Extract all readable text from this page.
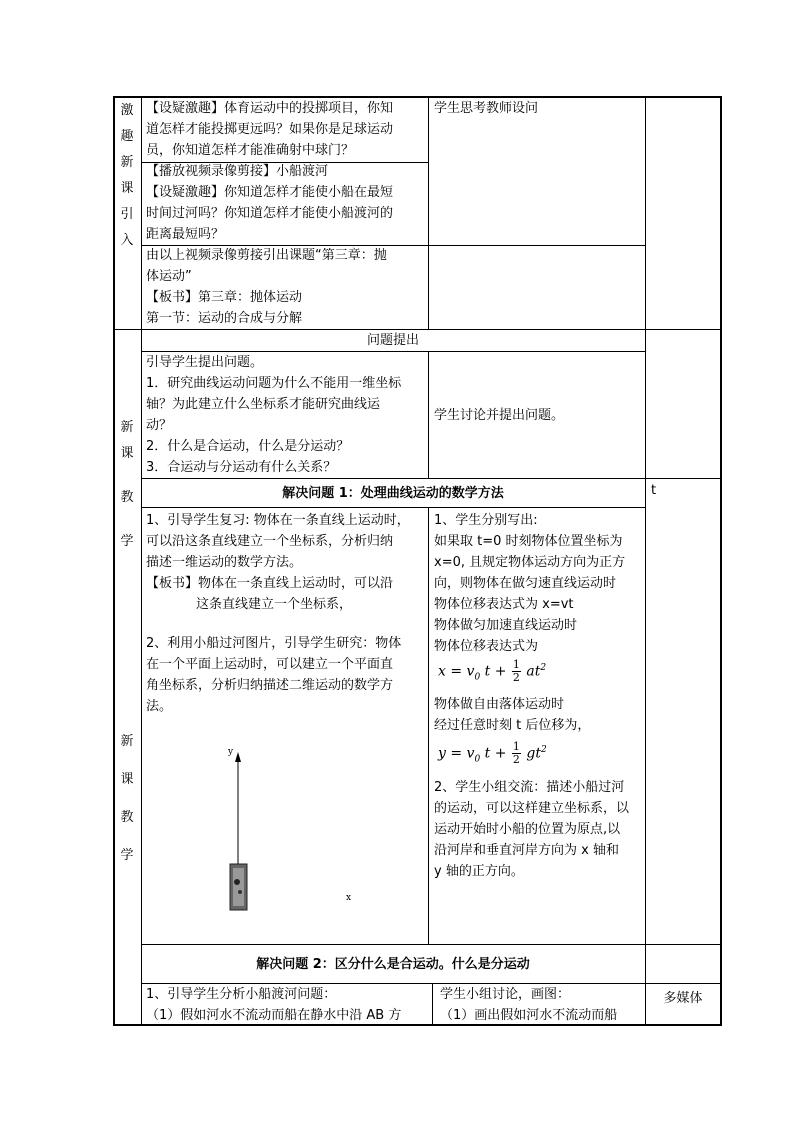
激
趣
新
课
引
入
新
课
教
学
新
课
教
学
【设疑激趣】体育运动中的投掷项目，你知
道怎样才能投掷更远吗？如果你是足球运动
员，你知道怎样才能准确射中球门？
学生思考教师设问
【播放视频录像剪接】小船渡河
【设疑激趣】你知道怎样才能使小船在最短
时间过河吗？你知道怎样才能使小船渡河的
距离最短吗？
由以上视频录像剪接引出课题“第三章：抛
体运动”
【板书】第三章：抛体运动
第一节：运动的合成与分解
问题提出
引导学生提出问题。
1．研究曲线运动问题为什么不能用一维坐标
轴？为此建立什么坐标系才能研究曲线运
动？
2．什么是合运动，什么是分运动？
3．合运动与分运动有什么关系？
学生讨论并提出问题。
解决问题 1：处理曲线运动的数学方法	t
1、引导学生复习: 物体在一条直线上运动时，
可以沿这条直线建立一个坐标系，分析归纳
描述一维运动的数学方法。
【板书】物体在一条直线上运动时，可以沿
这条直线建立一个坐标系，
2、利用小船过河图片，引导学生研究：物体
在一个平面上运动时，可以建立一个平面直
角坐标系，分析归纳描述二维运动的数学方
法。
y
x
1、学生分别写出:
如果取 t=0 时刻物体位置坐标为
x=0, 且规定物体运动方向为正方
向，则物体在做匀速直线运动时
物体位移表达式为 x=vt
物体做匀加速直线运动时
物体位移表达式为
$x = v_0$ $t + \frac{1}{2} at^2$
物体做自由落体运动时
经过任意时刻 t 后位移为，
$y = v_0$ $t + \frac{1}{2} gt^2$
2、学生小组交流：描述小船过河
的运动，可以这样建立坐标系，以
运动开始时小船的位置为原点,以
沿河岸和垂直河岸方向为 x 轴和
y 轴的正方向。
解决问题 2：区分什么是合运动。什么是分运动
1、引导学生分析小船渡河问题：
（1）假如河水不流动而船在静水中沿 AB 方
学生小组讨论，画图：
（1）画出假如河水不流动而船
多媒体
